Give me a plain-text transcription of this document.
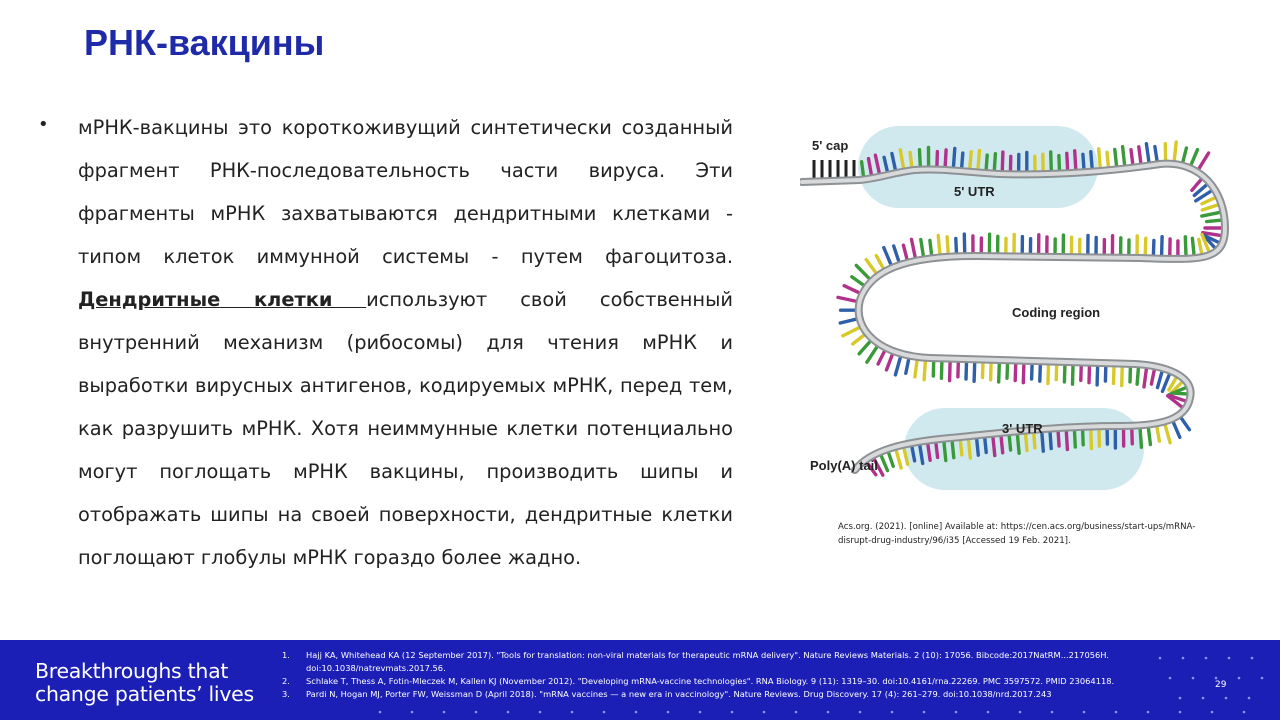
РНК-вакцины
• мРНК-вакцины это короткоживущий синтетически созданный фрагмент РНК-последовательность части вируса. Эти фрагменты мРНК захватываются дендритными клетками - типом клеток иммунной системы - путем фагоцитоза. Дендритные клетки используют свой собственный внутренний механизм (рибосомы) для чтения мРНК и выработки вирусных антигенов, кодируемых мРНК, перед тем, как разрушить мРНК. Хотя неиммунные клетки потенциально могут поглощать мРНК вакцины, производить шипы и отображать шипы на своей поверхности, дендритные клетки поглощают глобулы мРНК гораздо более жадно.

5' cap
5' UTR
Coding region
3' UTR
Poly(A) tail
Acs.org. (2021). [online] Available at: https://cen.acs.org/business/start-ups/mRNA-disrupt-drug-industry/96/i35 [Accessed 19 Feb. 2021].

Breakthroughs that
change patients’ lives

1. Hajj KA, Whitehead KA (12 September 2017). "Tools for translation: non-viral materials for therapeutic mRNA delivery". Nature Reviews Materials. 2 (10): 17056. Bibcode:2017NatRM...217056H. doi:10.1038/natrevmats.2017.56.
2. Schlake T, Thess A, Fotin-Mleczek M, Kallen KJ (November 2012). "Developing mRNA-vaccine technologies". RNA Biology. 9 (11): 1319–30. doi:10.4161/rna.22269. PMC 3597572. PMID 23064118.
3. Pardi N, Hogan MJ, Porter FW, Weissman D (April 2018). "mRNA vaccines — a new era in vaccinology". Nature Reviews. Drug Discovery. 17 (4): 261–279. doi:10.1038/nrd.2017.243
29
